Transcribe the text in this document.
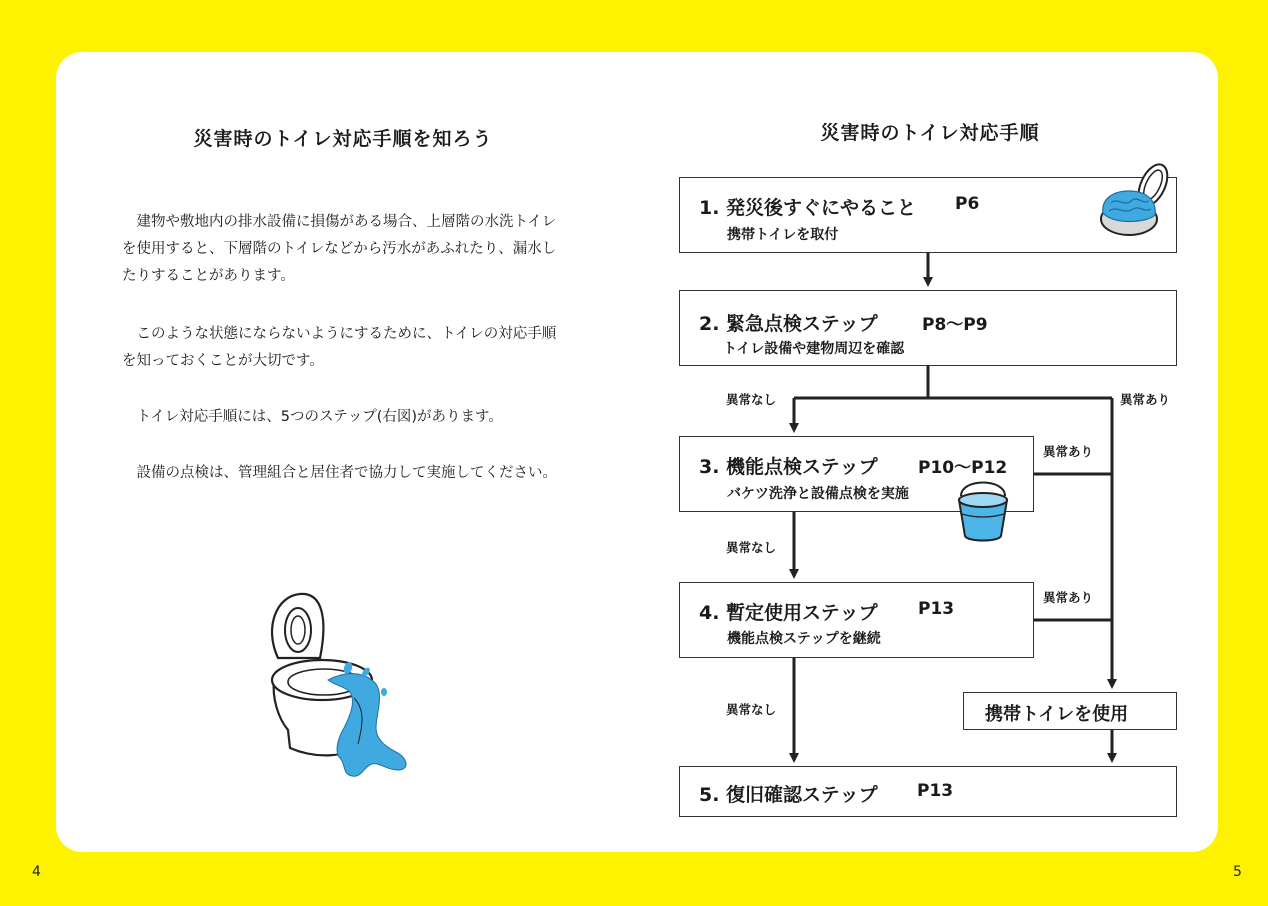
災害時のトイレ対応手順を知ろう

建物や敷地内の排水設備に損傷がある場合、上層階の水洗トイレを使用すると、下層階のトイレなどから汚水があふれたり、漏水したりすることがあります。

このような状態にならないようにするために、トイレの対応手順を知っておくことが大切です。

トイレ対応手順には、5つのステップ(右図)があります。

設備の点検は、管理組合と居住者で協力して実施してください。

4
災害時のトイレ対応手順
1. 発災後すぐにやること P6
携帯トイレを取付
2. 緊急点検ステップ	P8～P9
トイレ設備や建物周辺を確認
異常なし	異常あり
3. 機能点検ステップ P10～P12
バケツ洗浄と設備点検を実施
異常あり
異常なし
4. 暫定使用ステップ P13
機能点検ステップを継続
異常あり
異常なし	携帯トイレを使用
5. 復旧確認ステップ P13
5
